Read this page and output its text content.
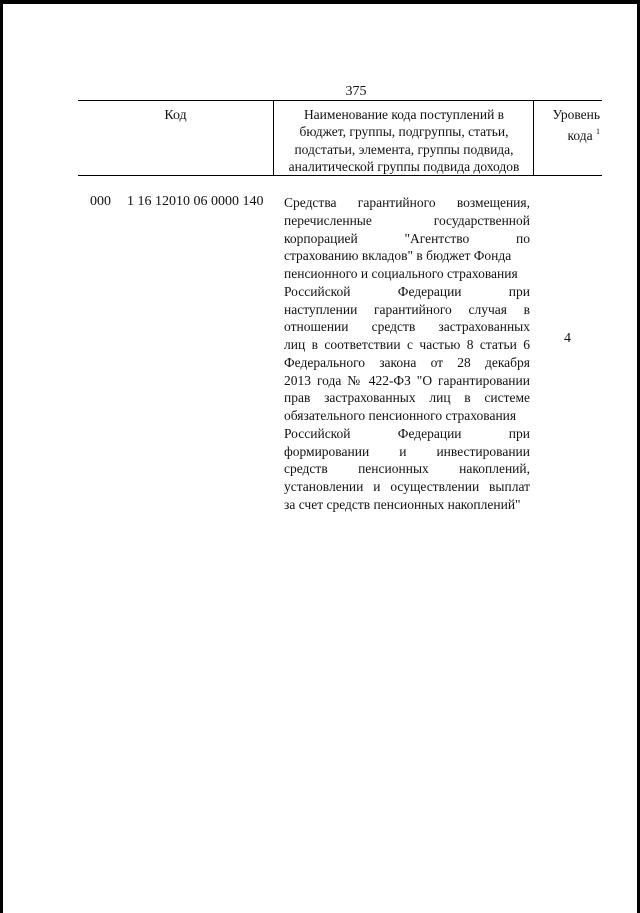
375
Код	Наименование кода поступлений в
бюджет, группы, подгруппы, статьи,
подстатьи, элемента, группы подвида,
аналитической группы подвида доходов
Уровень
кода $^1$
000 1 16 12010 06 0000 140 Средства гарантийного возмещения,
перечисленные государственной
корпорацией "Агентство по
страхованию вкладов" в бюджет Фонда
пенсионного и социального страхования
Российской Федерации при
наступлении гарантийного случая в
отношении средств застрахованных
лиц в соответствии с частью 8 статьи 6
Федерального закона от 28 декабря
2013 года № 422-ФЗ "О гарантировании
прав застрахованных лиц в системе
обязательного пенсионного страхования
Российской Федерации при
формировании и инвестировании
средств пенсионных накоплений,
установлении и осуществлении выплат
за счет средств пенсионных накоплений"
4
